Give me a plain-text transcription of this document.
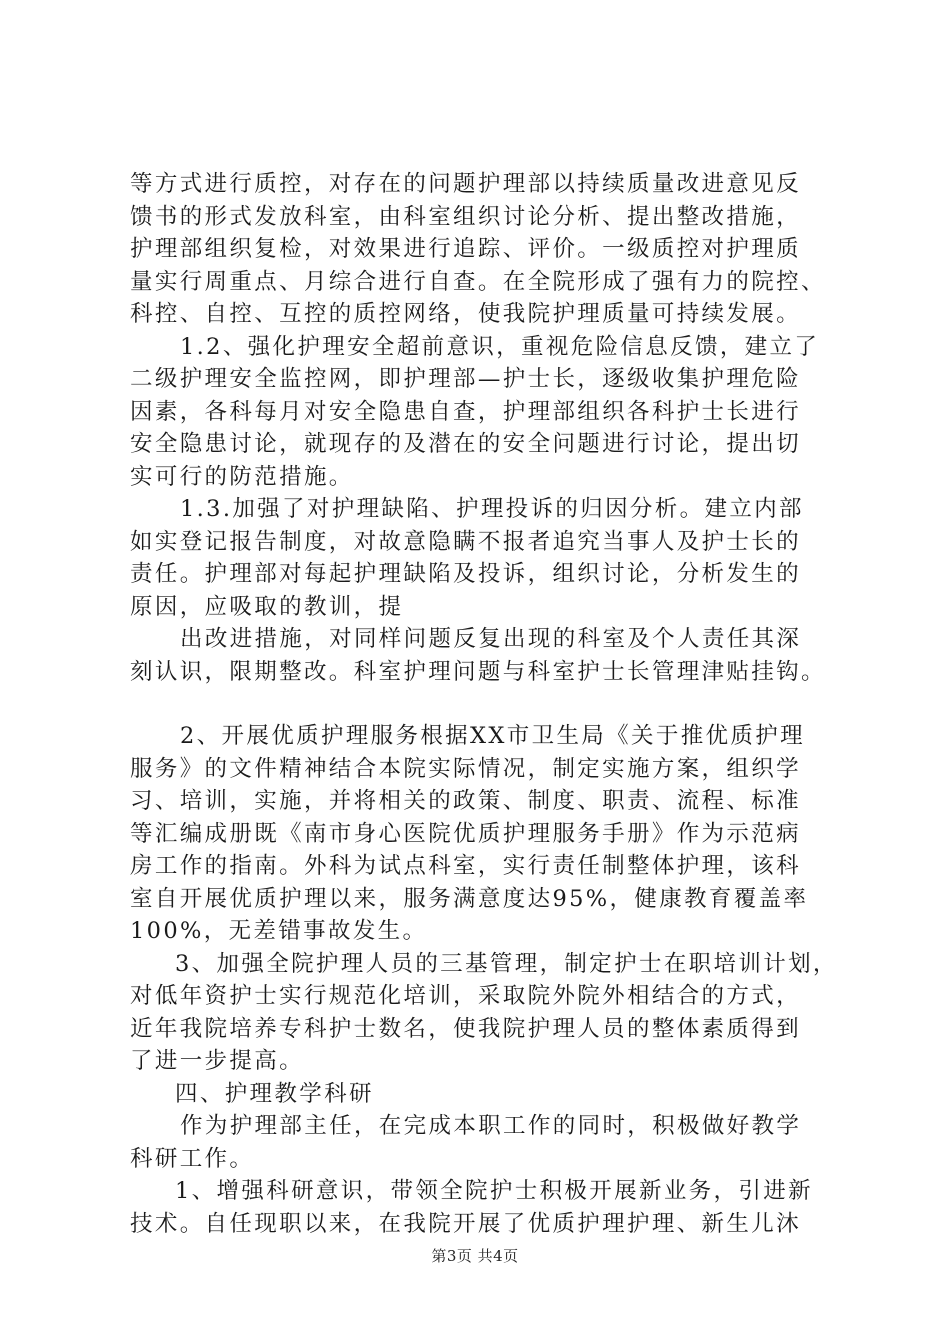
等方式进行质控，对存在的问题护理部以持续质量改进意见反
馈书的形式发放科室，由科室组织讨论分析、提出整改措施，
护理部组织复检，对效果进行追踪、评价。一级质控对护理质
量实行周重点、月综合进行自查。在全院形成了强有力的院控、
科控、自控、互控的质控网络，使我院护理质量可持续发展。
1.2、强化护理安全超前意识，重视危险信息反馈，建立了
二级护理安全监控网，即护理部—护士长，逐级收集护理危险
因素，各科每月对安全隐患自查，护理部组织各科护士长进行
安全隐患讨论，就现存的及潜在的安全问题进行讨论，提出切
实可行的防范措施。
1.3.加强了对护理缺陷、护理投诉的归因分析。建立内部
如实登记报告制度，对故意隐瞒不报者追究当事人及护士长的
责任。护理部对每起护理缺陷及投诉，组织讨论，分析发生的
原因，应吸取的教训，提
出改进措施，对同样问题反复出现的科室及个人责任其深
刻认识，限期整改。科室护理问题与科室护士长管理津贴挂钩。
2、开展优质护理服务根据XX市卫生局《关于推优质护理
服务》的文件精神结合本院实际情况，制定实施方案，组织学
习、培训，实施，并将相关的政策、制度、职责、流程、标准
等汇编成册既《南市身心医院优质护理服务手册》作为示范病
房工作的指南。外科为试点科室，实行责任制整体护理，该科
室自开展优质护理以来，服务满意度达95%，健康教育覆盖率
100%，无差错事故发生。
3、加强全院护理人员的三基管理，制定护士在职培训计划，
对低年资护士实行规范化培训，采取院外院外相结合的方式，
近年我院培养专科护士数名，使我院护理人员的整体素质得到
了进一步提高。
四、护理教学科研
作为护理部主任，在完成本职工作的同时，积极做好教学
科研工作。
1、增强科研意识，带领全院护士积极开展新业务，引进新
技术。自任现职以来，在我院开展了优质护理护理、新生儿沐
第3页 共4页
